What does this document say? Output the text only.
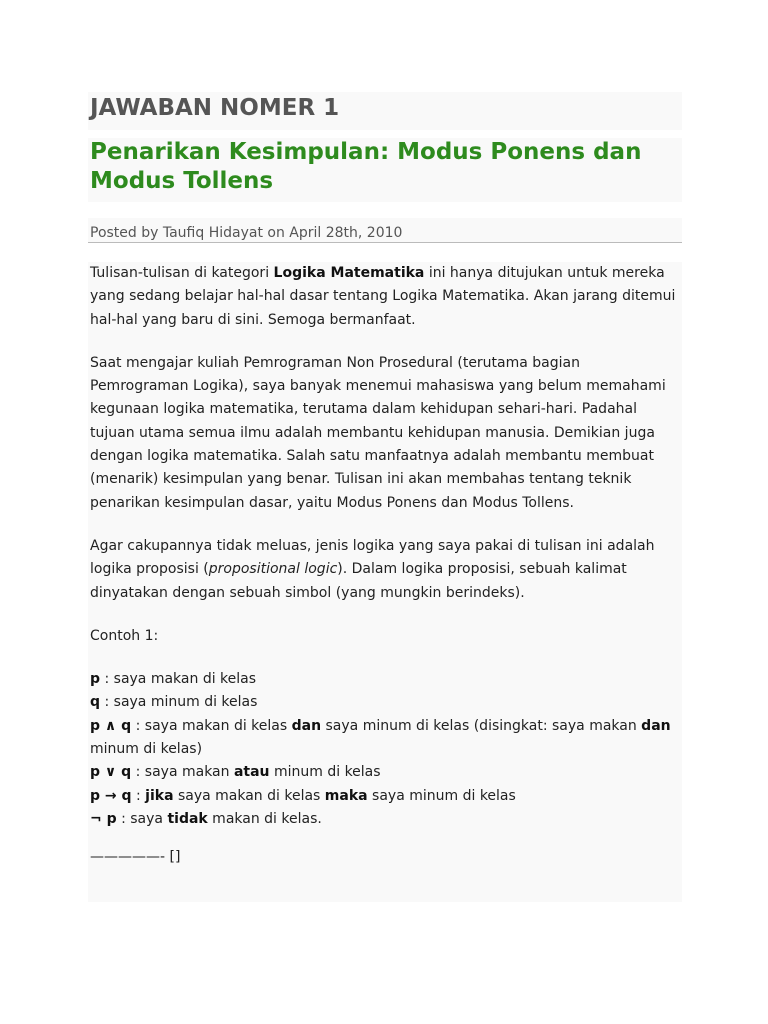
JAWABAN NOMER 1
Penarikan Kesimpulan: Modus Ponens dan Modus Tollens
Posted by Taufiq Hidayat on April 28th, 2010

Tulisan-tulisan di kategori Logika Matematika ini hanya ditujukan untuk mereka yang sedang belajar hal-hal dasar tentang Logika Matematika. Akan jarang ditemui hal-hal yang baru di sini. Semoga bermanfaat.

Saat mengajar kuliah Pemrograman Non Prosedural (terutama bagian Pemrograman Logika), saya banyak menemui mahasiswa yang belum memahami kegunaan logika matematika, terutama dalam kehidupan sehari-hari. Padahal tujuan utama semua ilmu adalah membantu kehidupan manusia. Demikian juga dengan logika matematika. Salah satu manfaatnya adalah membantu membuat (menarik) kesimpulan yang benar. Tulisan ini akan membahas tentang teknik penarikan kesimpulan dasar, yaitu Modus Ponens dan Modus Tollens.

Agar cakupannya tidak meluas, jenis logika yang saya pakai di tulisan ini adalah logika proposisi (propositional logic). Dalam logika proposisi, sebuah kalimat dinyatakan dengan sebuah simbol (yang mungkin berindeks).

Contoh 1:

p : saya makan di kelas
q : saya minum di kelas
p ∧ q : saya makan di kelas dan saya minum di kelas (disingkat: saya makan dan minum di kelas)
p ∨ q : saya makan atau minum di kelas
p → q : jika saya makan di kelas maka saya minum di kelas
¬ p : saya tidak makan di kelas.
—————- []
